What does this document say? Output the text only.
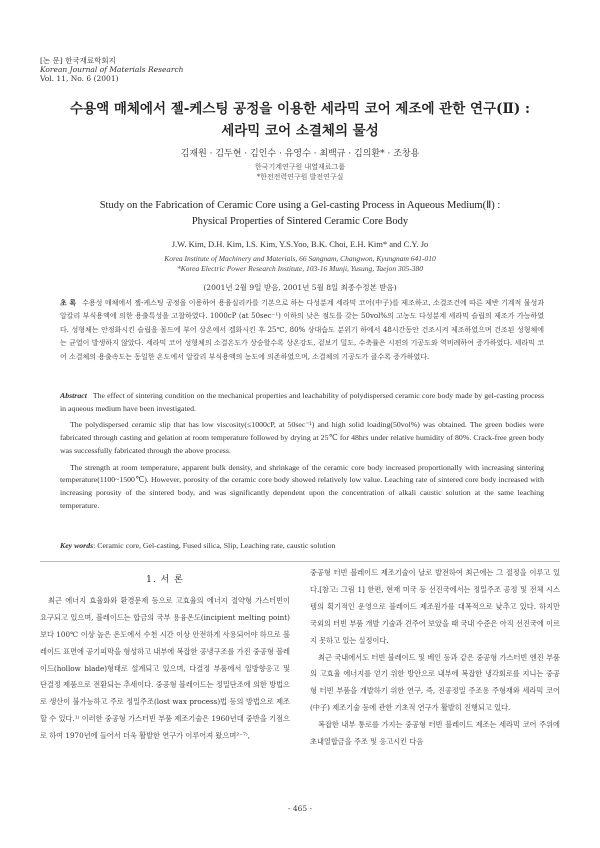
[논 문] 한국재료학회지
Korean Journal of Materials Research
Vol. 11, No. 6 (2001)
수용액 매체에서 젤-케스팅 공정을 이용한 세라믹 코어 제조에 관한 연구(Ⅱ) :
세라믹 코어 소결체의 물성
김재원 · 김두현 · 김인수 · 유영수 · 최백규 · 김의환* · 조창용
한국기계연구원 내열재료그룹
*한전전력연구원 발전연구실
Study on the Fabrication of Ceramic Core using a Gel-casting Process in Aqueous Medium(Ⅱ) :
Physical Properties of Sintered Ceramic Core Body
J.W. Kim, D.H. Kim, I.S. Kim, Y.S.Yoo, B.K. Choi, E.H. Kim* and C.Y. Jo
Korea Institute of Machinery and Materials, 66 Sangnam, Changwon, Kyungnam 641-010
*Korea Electric Power Research Institute, 103-16 Munji, Yusung, Taejon 305-380
(2001년 2월 9일 받음, 2001년 5월 8일 최종수정본 받음)

초 록 수용성 매체에서 젤-케스팅 공정을 이용하여 용융실리카를 기본으로 하는 다성분계 세라믹 코어(中子)를 제조하고, 소결조건에 따른 제반 기계적 물성과 알칼리 부식용액에 의한 용출특성을 고찰하였다. 1000cP (at 50sec⁻¹) 이하의 낮은 점도를 갖는 50vol%의 고농도 다성분계 세라믹 슬립의 제조가 가능하였다. 성형체는 안정화시킨 슬립을 몰드에 부어 상온에서 겔화시킨 후 25℃, 80% 상대습도 분위기 하에서 48시간동안 건조시켜 제조하였으며 건조된 성형체에는 균열이 발생하지 않았다. 세라믹 코어 성형체의 소결온도가 상승할수록 상온강도, 겉보기 밀도, 수축률은 시편의 기공도와 역비례하여 증가하였다. 세라믹 코어 소결체의 용출속도는 동일한 온도에서 알칼리 부식용액의 농도에 의존하였으며, 소결체의 기공도가 클수록 증가하였다.

Abstract The effect of sintering condition on the mechanical properties and leachability of polydispersed ceramic core body made by gel-casting process in aqueous medium have been investigated.

The polydispersed ceramic slip that has low viscosity(≤1000cP, at 50sec⁻¹) and high solid loading(50vol%) was obtained. The green bodies were fabricated through casting and gelation at room temperature followed by drying at 25℃ for 48hrs under relative humidity of 80%. Crack-free green body was successfully fabricated through the above process.

The strength at room temperature, apparent bulk density, and shrinkage of the ceramic core body increased proportionally with increasing sintering temperature(1100~1500℃). However, porosity of the ceramic core body showed relatively low value. Leaching rate of sintered core body increased with increasing porosity of the sintered body, and was significantly dependent upon the concentration of alkali caustic solution at the same leaching temperature.

Key words: Ceramic core, Gel-casting, Fused silica, Slip, Leaching rate, caustic solution
1. 서 론

최근 에너지 효율화와 환경문제 등으로 고효율의 에너지 절약형 가스터빈이 요구되고 있으며, 블레이드는 합금의 국부 용융온도(incipient melting point)보다 100℃ 이상 높은 온도에서 수천 시간 이상 안전하게 사용되어야 하므로 블레이드 표면에 공기피막을 형성하고 내부에 복잡한 공냉구조를 가진 중공형 블레이드(hollow blade)형태로 설계되고 있으며, 다결정 부품에서 일방향응고 및 단결정 제품으로 전환되는 추세이다. 중공형 블레이드는 정밀단조에 의한 방법으로 생산이 불가능하고 주로 정밀주조(lost wax process)법 등의 방법으로 제조할 수 있다.¹⁾ 이러한 중공형 가스터빈 부품 제조기술은 1960년대 중반을 기점으로 하여 1970년에 들어서 더욱 활발한 연구가 이루어져 왔으며²⁻⁷⁾,

중공형 터빈 블레이드 제조기술이 날로 발전하여 최근에는 그 절정을 이루고 있다.[참고: 그림 1] 한편, 현재 미국 등 선진국에서는 정밀주조 공정 및 전체 시스템의 획기적인 운영으로 블레이드 제조원가를 대폭적으로 낮추고 있다. 하지만 국외의 터빈 부품 개발 기술과 견주어 보았을 때 국내 수준은 아직 선진국에 이르지 못하고 있는 실정이다.

최근 국내에서도 터빈 블레이드 및 베인 등과 같은 중공형 가스터빈 엔진 부품의 고효율 에너지를 얻기 위한 방안으로 내부에 복잡한 냉각회로를 지니는 중공형 터빈 부품을 개발하기 위한 연구, 즉, 진공정밀 주조용 주형재와 세라믹 코어(中子) 제조기술 등에 관한 기초적 연구가 활발히 진행되고 있다.

복잡한 내부 통로를 가지는 중공형 터빈 블레이드 제조는 세라믹 코어 주위에 초내열합금을 주조 및 응고시킨 다음

- 465 -
